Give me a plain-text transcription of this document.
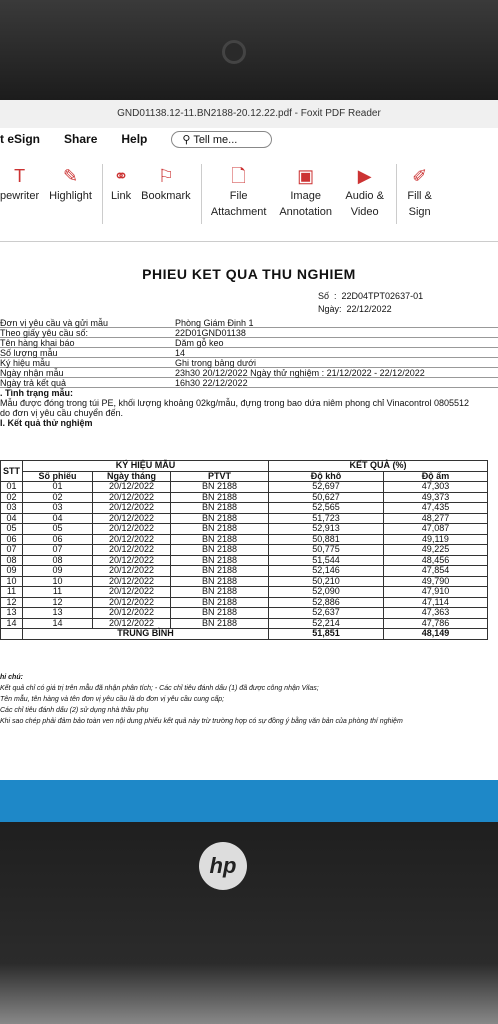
GND01138.12-11.BN2188-20.12.22.pdf - Foxit PDF Reader
t eSign Share Help	⚲ Tell me...
T
pewriter
✎
Highlight
⚭
Link
⚐
Bookmark
🗋
File Attachment
▣
Image Annotation
▶
Audio & Video
✐
Fill & Sign
PHIEU KET QUA THU NGHIEM
Số  :  22D04TPT02637-01
Ngày: 22/12/2022
Đơn vị yêu cầu và gửi mẫu	Phòng Giám Định 1
Theo giấy yêu cầu số:	22D01GND01138
Tên hàng khai báo	Dăm gỗ keo
Số lượng mẫu	14
Ký hiệu mẫu	Ghi trong bảng dưới
Ngày nhận mẫu	23h30 20/12/2022 Ngày thử nghiệm : 21/12/2022 - 22/12/2022
Ngày trả kết quả	16h30 22/12/2022
. Tình trạng mẫu:
Mẫu được đóng trong túi PE, khối lượng khoảng 02kg/mẫu, đựng trong bao dứa niêm phong chỉ Vinacontrol 0805512 do đơn vị yêu cầu chuyển đến.
I. Kết quả thử nghiệm
STT	KÝ HIỆU MẪU			KẾT QUẢ (%)	
	Số phiếu	Ngày tháng	PTVT	Độ khô	Độ ẩm
01	01	20/12/2022	BN 2188	52,697	47,303
02	02	20/12/2022	BN 2188	50,627	49,373
03	03	20/12/2022	BN 2188	52,565	47,435
04	04	20/12/2022	BN 2188	51,723	48,277
05	05	20/12/2022	BN 2188	52,913	47,087
06	06	20/12/2022	BN 2188	50,881	49,119
07	07	20/12/2022	BN 2188	50,775	49,225
08	08	20/12/2022	BN 2188	51,544	48,456
09	09	20/12/2022	BN 2188	52,146	47,854
10	10	20/12/2022	BN 2188	50,210	49,790
11	11	20/12/2022	BN 2188	52,090	47,910
12	12	20/12/2022	BN 2188	52,886	47,114
13	13	20/12/2022	BN 2188	52,637	47,363
14	14	20/12/2022	BN 2188	52,214	47,786
	TRUNG BÌNH			51,851	48,149
hi chú:
Kết quả chỉ có giá trị trên mẫu đã nhận phân tích; - Các chỉ tiêu đánh dấu (1) đã được công nhận Vilas;
Tên mẫu, tên hàng và tên đơn vị yêu cầu là do đơn vị yêu cầu cung cấp;
Các chỉ tiêu đánh dấu (2) sử dụng nhà thầu phụ
Khi sao chép phải đảm bảo toàn ven nội dung phiếu kết quả này trừ trường hợp có sự đồng ý bằng văn bản của phòng thí nghiệm
hp
